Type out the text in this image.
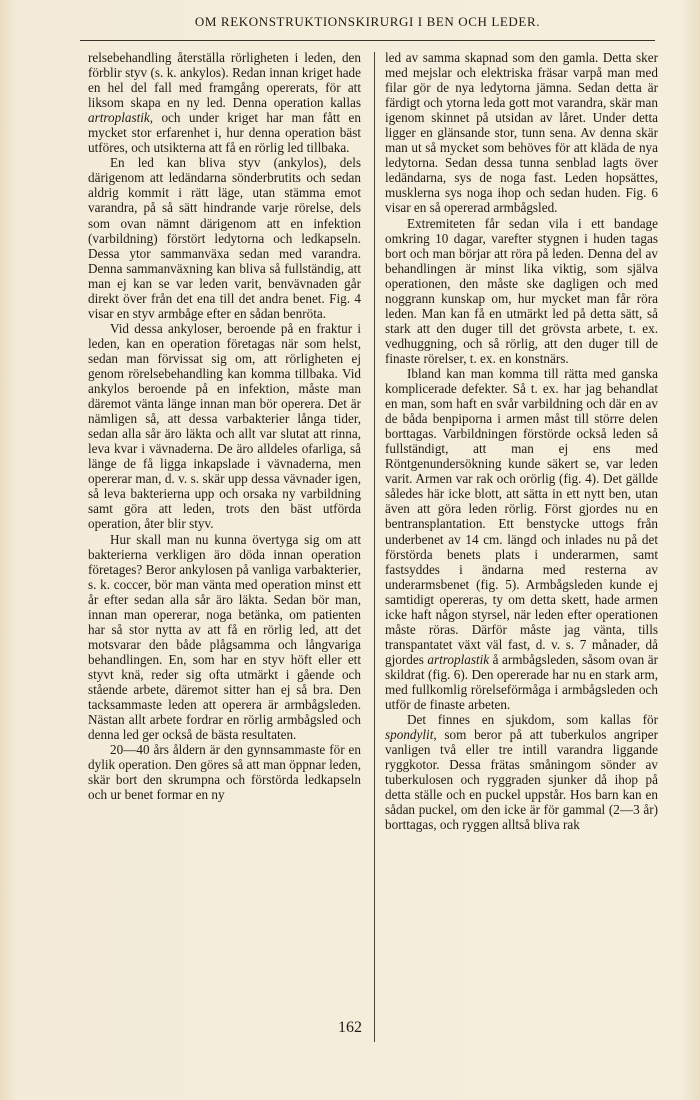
OM REKONSTRUKTIONSKIRURGI I BEN OCH LEDER.

relsebehandling återställa rörligheten i leden, den förblir styv (s. k. ankylos). Redan innan kriget hade en hel del fall med framgång opererats, för att liksom skapa en ny led. Denna operation kallas artroplastik, och under kriget har man fått en mycket stor erfarenhet i, hur denna operation bäst utföres, och utsikterna att få en rörlig led tillbaka.

En led kan bliva styv (ankylos), dels därigenom att ledändarna sönderbrutits och sedan aldrig kommit i rätt läge, utan stämma emot varandra, på så sätt hindrande varje rörelse, dels som ovan nämnt därigenom att en infektion (varbildning) förstört ledytorna och ledkapseln. Dessa ytor sammanväxa sedan med varandra. Denna sammanväxning kan bliva så fullständig, att man ej kan se var leden varit, benvävnaden går direkt över från det ena till det andra benet. Fig. 4 visar en styv armbåge efter en sådan benröta.

Vid dessa ankyloser, beroende på en fraktur i leden, kan en operation företagas när som helst, sedan man förvissat sig om, att rörligheten ej genom rörelsebehandling kan komma tillbaka. Vid ankylos beroende på en infektion, måste man däremot vänta länge innan man bör operera. Det är nämligen så, att dessa varbakterier långa tider, sedan alla sår äro läkta och allt var slutat att rinna, leva kvar i vävnaderna. De äro alldeles ofarliga, så länge de få ligga inkapslade i vävnaderna, men opererar man, d. v. s. skär upp dessa vävnader igen, så leva bakterierna upp och orsaka ny varbildning samt göra att leden, trots den bäst utförda operation, åter blir styv.

Hur skall man nu kunna övertyga sig om att bakterierna verkligen äro döda innan operation företages? Beror ankylosen på vanliga varbakterier, s. k. coccer, bör man vänta med operation minst ett år efter sedan alla sår äro läkta. Sedan bör man, innan man opererar, noga betänka, om patienten har så stor nytta av att få en rörlig led, att det motsvarar den både plågsamma och långvariga behandlingen. En, som har en styv höft eller ett styvt knä, reder sig ofta utmärkt i gående och stående arbete, däremot sitter han ej så bra. Den tacksammaste leden att operera är armbågsleden. Nästan allt arbete fordrar en rörlig armbågsled och denna led ger också de bästa resultaten.

20—40 års åldern är den gynnsammaste för en dylik operation. Den göres så att man öppnar leden, skär bort den skrumpna och förstörda ledkapseln och ur benet formar en ny

led av samma skapnad som den gamla. Detta sker med mejslar och elektriska fräsar varpå man med filar gör de nya ledytorna jämna. Sedan detta är färdigt och ytorna leda gott mot varandra, skär man igenom skinnet på utsidan av låret. Under detta ligger en glänsande stor, tunn sena. Av denna skär man ut så mycket som behöves för att kläda de nya ledytorna. Sedan dessa tunna senblad lagts över ledändarna, sys de noga fast. Leden hopsättes, musklerna sys noga ihop och sedan huden. Fig. 6 visar en så opererad armbågsled.

Extremiteten får sedan vila i ett bandage omkring 10 dagar, varefter stygnen i huden tagas bort och man börjar att röra på leden. Denna del av behandlingen är minst lika viktig, som själva operationen, den måste ske dagligen och med noggrann kunskap om, hur mycket man får röra leden. Man kan få en utmärkt led på detta sätt, så stark att den duger till det grövsta arbete, t. ex. vedhuggning, och så rörlig, att den duger till de finaste rörelser, t. ex. en konstnärs.

Ibland kan man komma till rätta med ganska komplicerade defekter. Så t. ex. har jag behandlat en man, som haft en svår varbildning och där en av de båda benpiporna i armen måst till större delen borttagas. Varbildningen förstörde också leden så fullständigt, att man ej ens med Röntgenundersökning kunde säkert se, var leden varit. Armen var rak och orörlig (fig. 4). Det gällde således här icke blott, att sätta in ett nytt ben, utan även att göra leden rörlig. Först gjordes nu en bentransplantation. Ett benstycke uttogs från underbenet av 14 cm. längd och inlades nu på det förstörda benets plats i underarmen, samt fastsyddes i ändarna med resterna av underarmsbenet (fig. 5). Armbågsleden kunde ej samtidigt opereras, ty om detta skett, hade armen icke haft någon styrsel, när leden efter operationen måste röras. Därför måste jag vänta, tills transpantatet växt väl fast, d. v. s. 7 månader, då gjordes artroplastik å armbågsleden, såsom ovan är skildrat (fig. 6). Den opererade har nu en stark arm, med fullkomlig rörelseförmåga i armbågsleden och utför de finaste arbeten.

Det finnes en sjukdom, som kallas för spondylit, som beror på att tuberkulos angriper vanligen två eller tre intill varandra liggande ryggkotor. Dessa frätas småningom sönder av tuberkulosen och ryggraden sjunker då ihop på detta ställe och en puckel uppstår. Hos barn kan en sådan puckel, om den icke är för gammal (2—3 år) borttagas, och ryggen alltså bliva rak

162
